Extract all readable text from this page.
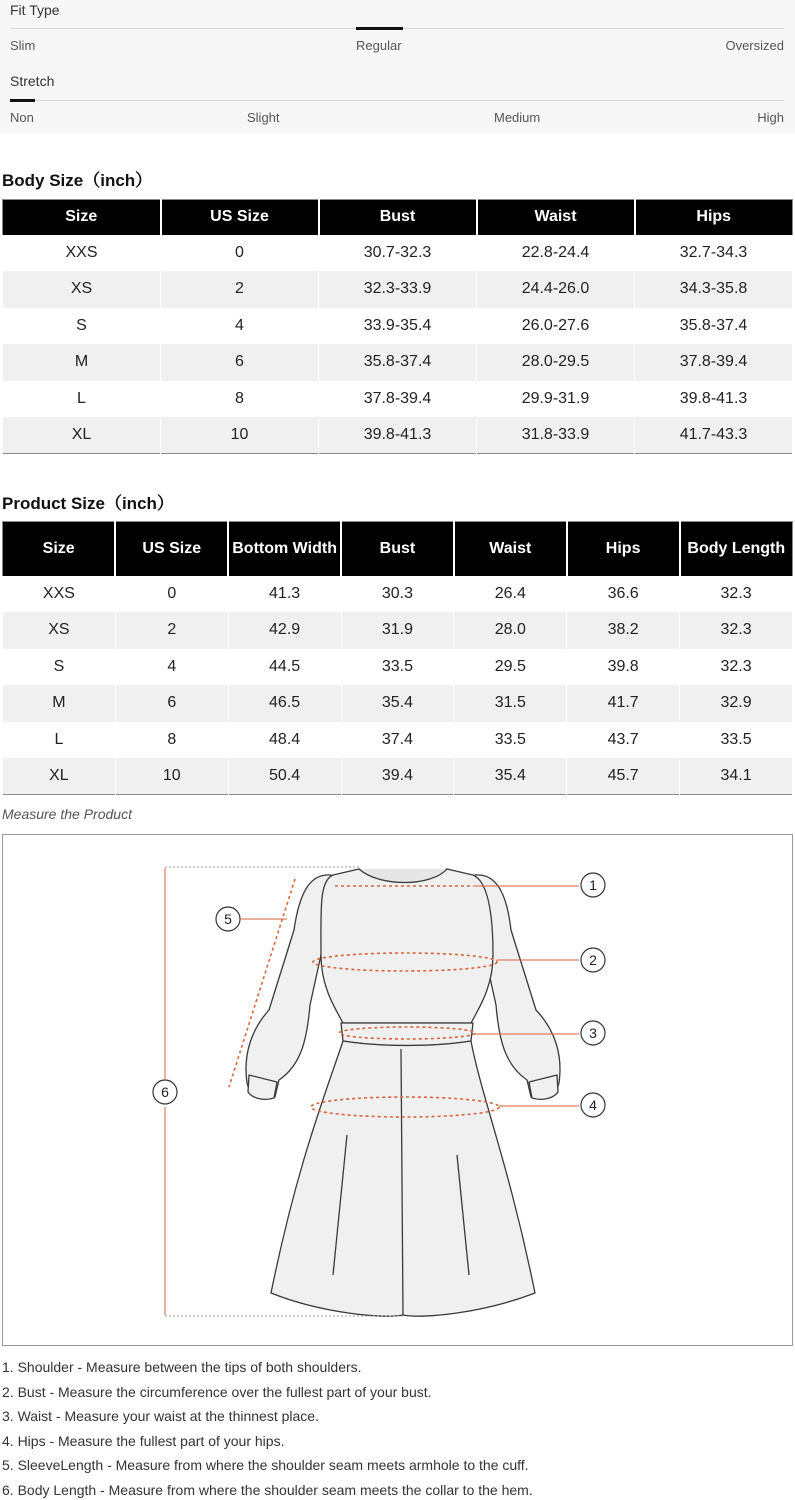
Fit Type
Slim	Regular	Oversized
Stretch
Non	Slight	Medium	High
Body Size（inch）
Size	US Size	Bust	Waist	Hips
XXS	0	30.7-32.3	22.8-24.4	32.7-34.3
XS	2	32.3-33.9	24.4-26.0	34.3-35.8
S	4	33.9-35.4	26.0-27.6	35.8-37.4
M	6	35.8-37.4	28.0-29.5	37.8-39.4
L	8	37.8-39.4	29.9-31.9	39.8-41.3
XL	10	39.8-41.3	31.8-33.9	41.7-43.3
Product Size（inch）
Size	US Size	Bottom Width	Bust	Waist	Hips	Body Length
XXS	0	41.3	30.3	26.4	36.6	32.3
XS	2	42.9	31.9	28.0	38.2	32.3
S	4	44.5	33.5	29.5	39.8	32.3
M	6	46.5	35.4	31.5	41.7	32.9
L	8	48.4	37.4	33.5	43.7	33.5
XL	10	50.4	39.4	35.4	45.7	34.1
Measure the Product
1
2
3
4
5
6
1. Shoulder - Measure between the tips of both shoulders.
2. Bust - Measure the circumference over the fullest part of your bust.
3. Waist - Measure your waist at the thinnest place.
4. Hips - Measure the fullest part of your hips.
5. SleeveLength - Measure from where the shoulder seam meets armhole to the cuff.
6. Body Length - Measure from where the shoulder seam meets the collar to the hem.
